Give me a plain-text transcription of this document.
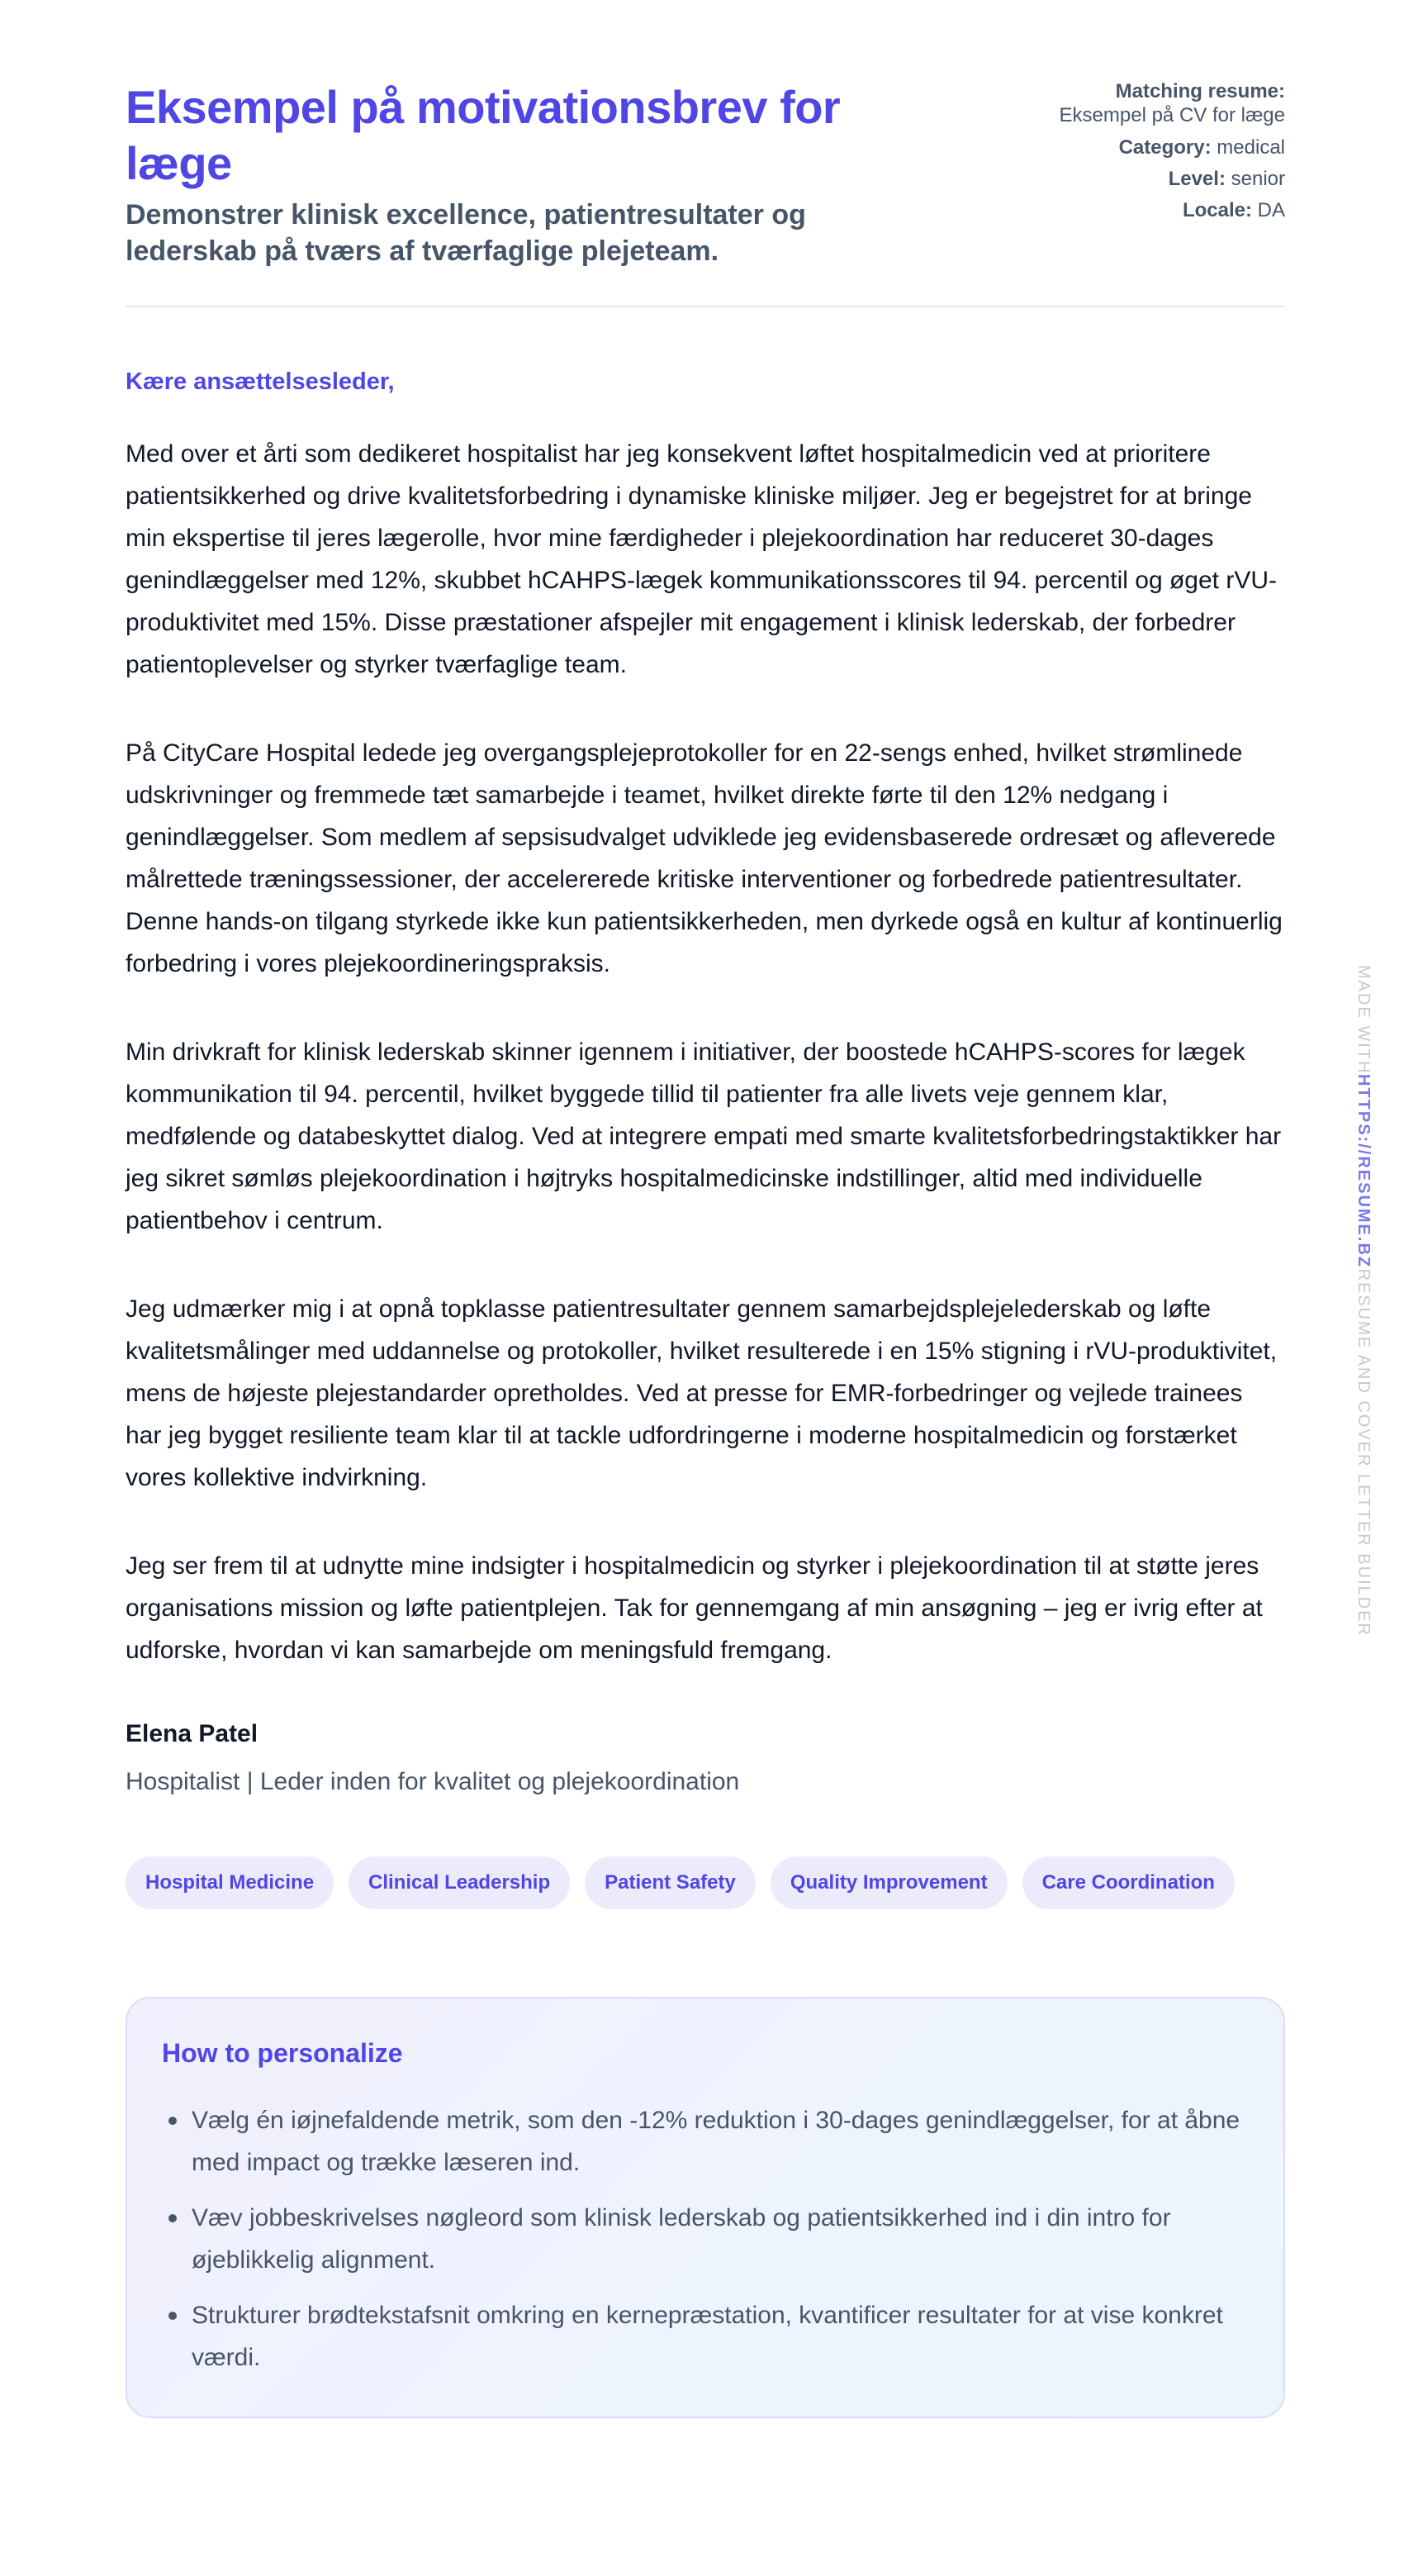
Eksempel på motivationsbrev for læge
Demonstrer klinisk excellence, patientresultater og lederskab på tværs af tværfaglige plejeteam.
Matching resume:
Eksempel på CV for læge
Category: medical
Level: senior
Locale: DA
Kære ansættelsesleder,

Med over et årti som dedikeret hospitalist har jeg konsekvent løftet hospitalmedicin ved at prioritere patientsikkerhed og drive kvalitetsforbedring i dynamiske kliniske miljøer. Jeg er begejstret for at bringe min ekspertise til jeres lægerolle, hvor mine færdigheder i plejekoordination har reduceret 30-dages genindlæggelser med 12%, skubbet hCAHPS-lægek kommunikationsscores til 94. percentil og øget rVU-produktivitet med 15%. Disse præstationer afspejler mit engagement i klinisk lederskab, der forbedrer patientoplevelser og styrker tværfaglige team.

På CityCare Hospital ledede jeg overgangsplejeprotokoller for en 22-sengs enhed, hvilket strømlinede udskrivninger og fremmede tæt samarbejde i teamet, hvilket direkte førte til den 12% nedgang i genindlæggelser. Som medlem af sepsisudvalget udviklede jeg evidensbaserede ordresæt og afleverede målrettede træningssessioner, der accelererede kritiske interventioner og forbedrede patientresultater. Denne hands-on tilgang styrkede ikke kun patientsikkerheden, men dyrkede også en kultur af kontinuerlig forbedring i vores plejekoordineringspraksis.

Min drivkraft for klinisk lederskab skinner igennem i initiativer, der boostede hCAHPS-scores for lægek kommunikation til 94. percentil, hvilket byggede tillid til patienter fra alle livets veje gennem klar, medfølende og databeskyttet dialog. Ved at integrere empati med smarte kvalitetsforbedringstaktikker har jeg sikret sømløs plejekoordination i højtryks hospitalmedicinske indstillinger, altid med individuelle patientbehov i centrum.

Jeg udmærker mig i at opnå topklasse patientresultater gennem samarbejdsplejelederskab og løfte kvalitetsmålinger med uddannelse og protokoller, hvilket resulterede i en 15% stigning i rVU-produktivitet, mens de højeste plejestandarder opretholdes. Ved at presse for EMR-forbedringer og vejlede trainees har jeg bygget resiliente team klar til at tackle udfordringerne i moderne hospitalmedicin og forstærket vores kollektive indvirkning.

Jeg ser frem til at udnytte mine indsigter i hospitalmedicin og styrker i plejekoordination til at støtte jeres organisations mission og løfte patientplejen. Tak for gennemgang af min ansøgning – jeg er ivrig efter at udforske, hvordan vi kan samarbejde om meningsfuld fremgang.

Elena Patel
Hospitalist | Leder inden for kvalitet og plejekoordination
Hospital Medicine	Clinical Leadership	Patient Safety	Quality Improvement	Care Coordination
How to personalize
Vælg én iøjnefaldende metrik, som den -12% reduktion i 30-dages genindlæggelser, for at åbne med impact og trække læseren ind.
Væv jobbeskrivelses nøgleord som klinisk lederskab og patientsikkerhed ind i din intro for øjeblikkelig alignment.
Strukturer brødtekstafsnit omkring en kernepræstation, kvantificer resultater for at vise konkret værdi.
MADE WITHHTTPS://RESUME.BZRESUME AND COVER LETTER BUILDER
